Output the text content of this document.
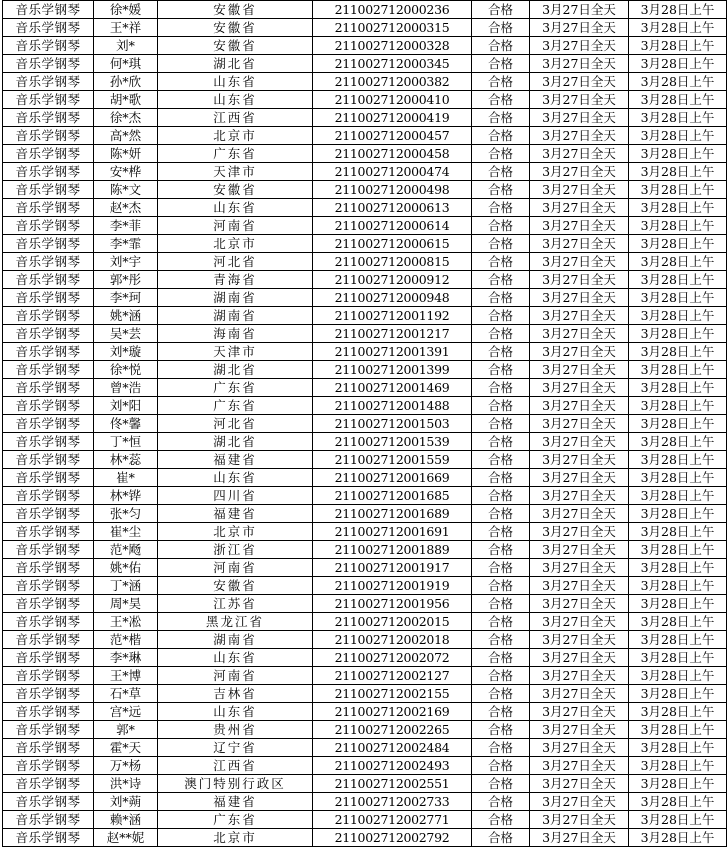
音乐学钢琴	徐*媛	安徽省	211002712000236	合格	3月27日全天	3月28日上午
音乐学钢琴	王*祥	安徽省	211002712000315	合格	3月27日全天	3月28日上午
音乐学钢琴	刘*	安徽省	211002712000328	合格	3月27日全天	3月28日上午
音乐学钢琴	何*琪	湖北省	211002712000345	合格	3月27日全天	3月28日上午
音乐学钢琴	孙*欣	山东省	211002712000382	合格	3月27日全天	3月28日上午
音乐学钢琴	胡*歌	山东省	211002712000410	合格	3月27日全天	3月28日上午
音乐学钢琴	徐*杰	江西省	211002712000419	合格	3月27日全天	3月28日上午
音乐学钢琴	高*然	北京市	211002712000457	合格	3月27日全天	3月28日上午
音乐学钢琴	陈*妍	广东省	211002712000458	合格	3月27日全天	3月28日上午
音乐学钢琴	安*桦	天津市	211002712000474	合格	3月27日全天	3月28日上午
音乐学钢琴	陈*文	安徽省	211002712000498	合格	3月27日全天	3月28日上午
音乐学钢琴	赵*杰	山东省	211002712000613	合格	3月27日全天	3月28日上午
音乐学钢琴	李*菲	河南省	211002712000614	合格	3月27日全天	3月28日上午
音乐学钢琴	李*霏	北京市	211002712000615	合格	3月27日全天	3月28日上午
音乐学钢琴	刘*宇	河北省	211002712000815	合格	3月27日全天	3月28日上午
音乐学钢琴	郭*彤	青海省	211002712000912	合格	3月27日全天	3月28日上午
音乐学钢琴	李*珂	湖南省	211002712000948	合格	3月27日全天	3月28日上午
音乐学钢琴	姚*涵	湖南省	211002712001192	合格	3月27日全天	3月28日上午
音乐学钢琴	吴*芸	海南省	211002712001217	合格	3月27日全天	3月28日上午
音乐学钢琴	刘*璇	天津市	211002712001391	合格	3月27日全天	3月28日上午
音乐学钢琴	徐*悦	湖北省	211002712001399	合格	3月27日全天	3月28日上午
音乐学钢琴	曾*浩	广东省	211002712001469	合格	3月27日全天	3月28日上午
音乐学钢琴	刘*阳	广东省	211002712001488	合格	3月27日全天	3月28日上午
音乐学钢琴	佟*馨	河北省	211002712001503	合格	3月27日全天	3月28日上午
音乐学钢琴	丁*恒	湖北省	211002712001539	合格	3月27日全天	3月28日上午
音乐学钢琴	林*蕊	福建省	211002712001559	合格	3月27日全天	3月28日上午
音乐学钢琴	崔*	山东省	211002712001669	合格	3月27日全天	3月28日上午
音乐学钢琴	林*铧	四川省	211002712001685	合格	3月27日全天	3月28日上午
音乐学钢琴	张*匀	福建省	211002712001689	合格	3月27日全天	3月28日上午
音乐学钢琴	崔*尘	北京市	211002712001691	合格	3月27日全天	3月28日上午
音乐学钢琴	范*飏	浙江省	211002712001889	合格	3月27日全天	3月28日上午
音乐学钢琴	姚*佑	河南省	211002712001917	合格	3月27日全天	3月28日上午
音乐学钢琴	丁*涵	安徽省	211002712001919	合格	3月27日全天	3月28日上午
音乐学钢琴	周*昊	江苏省	211002712001956	合格	3月27日全天	3月28日上午
音乐学钢琴	王*凇	黑龙江省	211002712002015	合格	3月27日全天	3月28日上午
音乐学钢琴	范*楷	湖南省	211002712002018	合格	3月27日全天	3月28日上午
音乐学钢琴	李*琳	山东省	211002712002072	合格	3月27日全天	3月28日上午
音乐学钢琴	王*博	河南省	211002712002127	合格	3月27日全天	3月28日上午
音乐学钢琴	石*草	吉林省	211002712002155	合格	3月27日全天	3月28日上午
音乐学钢琴	宫*远	山东省	211002712002169	合格	3月27日全天	3月28日上午
音乐学钢琴	郭*	贵州省	211002712002265	合格	3月27日全天	3月28日上午
音乐学钢琴	霍*天	辽宁省	211002712002484	合格	3月27日全天	3月28日上午
音乐学钢琴	万*杨	江西省	211002712002493	合格	3月27日全天	3月28日上午
音乐学钢琴	洪*诗	澳门特别行政区	211002712002551	合格	3月27日全天	3月28日上午
音乐学钢琴	刘*蒴	福建省	211002712002733	合格	3月27日全天	3月28日上午
音乐学钢琴	赖*涵	广东省	211002712002771	合格	3月27日全天	3月28日上午
音乐学钢琴	赵**妮	北京市	211002712002792	合格	3月27日全天	3月28日上午
